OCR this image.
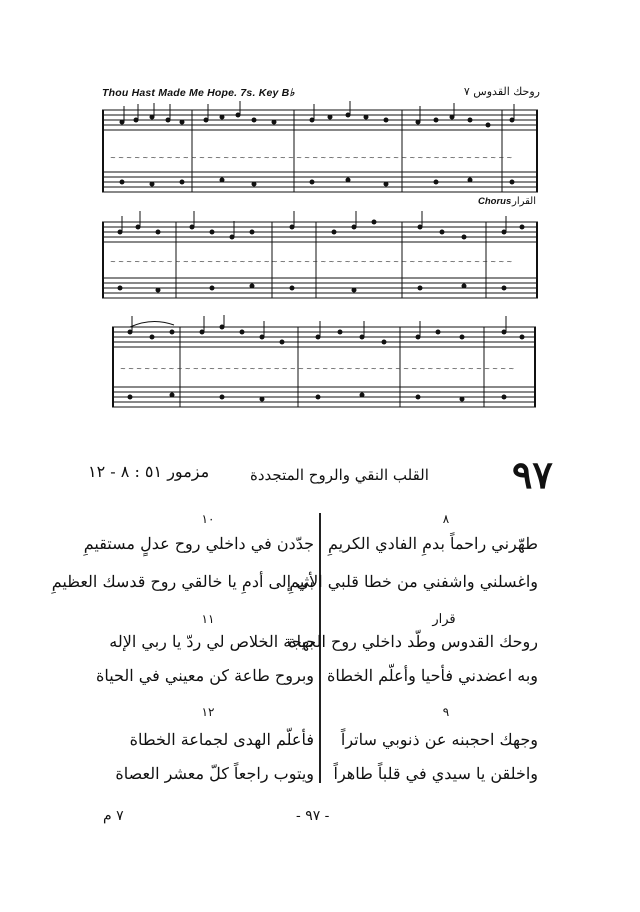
Thou Hast Made Me Hope. 7s. Key B♭	روحك القدوس ٧
~ ~ ~ ~ ~ ~ ~ ~ ~ ~ ~ ~ ~ ~ ~ ~ ~ ~ ~ ~ ~ ~ ~ ~ ~ ~ ~ ~ ~ ~ ~ ~ ~ ~ ~ ~ ~ ~ ~ ~ ~ ~ ~ ~ ~ ~ ~ ~ ~ ~
Chorus القرار
~ ~ ~ ~ ~ ~ ~ ~ ~ ~ ~ ~ ~ ~ ~ ~ ~ ~ ~ ~ ~ ~ ~ ~ ~ ~ ~ ~ ~ ~ ~ ~ ~ ~ ~ ~ ~ ~ ~ ~ ~ ~ ~ ~ ~ ~ ~ ~ ~ ~
~ ~ ~ ~ ~ ~ ~ ~ ~ ~ ~ ~ ~ ~ ~ ~ ~ ~ ~ ~ ~ ~ ~ ~ ~ ~ ~ ~ ~ ~ ~ ~ ~ ~ ~ ~ ~ ~ ~ ~ ~ ~ ~ ~ ~ ~ ~ ~ ~
٩٧
القلب النقي والروح المتجددة
مزمور ٥١ : ٨ - ١٢
٨
طهّرني راحماً بدمِ الفادي الكريمِ
واغسلني واشفني من خطا قلبي الأثيمِ
قرار
روحك القدوس وطّد داخلي روح الحياة
وبه اعضدني فأحيا وأعلّم الخطاة
٩
وجهك احجبنه عن ذنوبي ساتراً
واخلقن يا سيدي في قلباً طاهراً
١٠
جدّدن في داخلي روح عدلٍ مستقيمِ
بي إلى أدمِ يا خالقي روح قدسك العظيمِ
١١
بهجة الخلاص لي ردّ يا ربي الإله
وبروح طاعة كن معيني في الحياة
١٢
فأعلّم الهدى لجماعة الخطاة
ويتوب راجعاً كلّ معشر العصاة
- ٩٧ -
٧ م
